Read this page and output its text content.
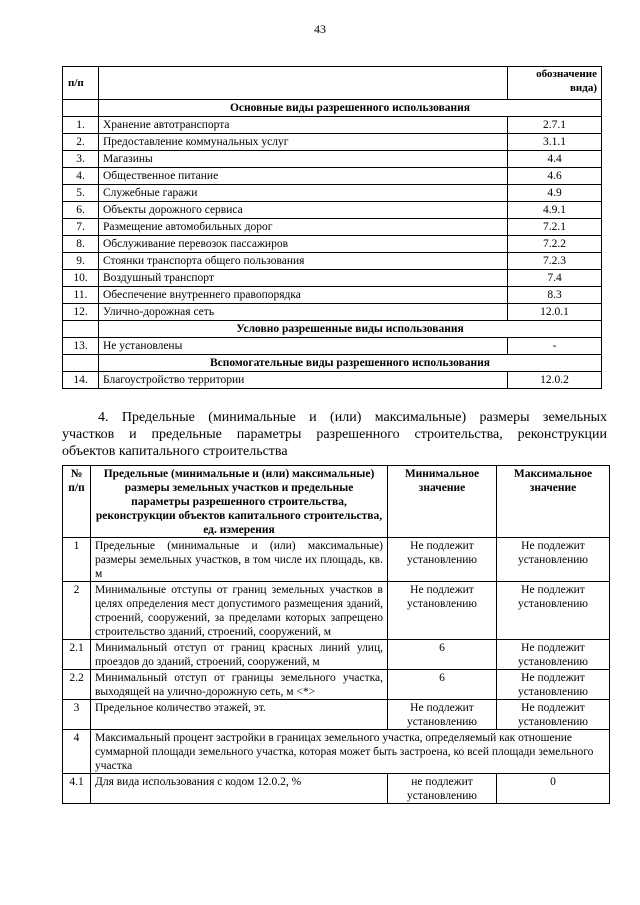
43
п/п		обозначение вида)
	Основные виды разрешенного использования	
1.	Хранение автотранспорта	2.7.1
2.	Предоставление коммунальных услуг	3.1.1
3.	Магазины	4.4
4.	Общественное питание	4.6
5.	Служебные гаражи	4.9
6.	Объекты дорожного сервиса	4.9.1
7.	Размещение автомобильных дорог	7.2.1
8.	Обслуживание перевозок пассажиров	7.2.2
9.	Стоянки транспорта общего пользования	7.2.3
10.	Воздушный транспорт	7.4
11.	Обеспечение внутреннего правопорядка	8.3
12.	Улично-дорожная сеть	12.0.1
	Условно разрешенные виды использования	
13.	Не установлены	-
	Вспомогательные виды разрешенного использования	
14.	Благоустройство территории	12.0.2
4. Предельные (минимальные и (или) максимальные) размеры земельных
участков и предельные параметры разрешенного строительства, реконструкции
объектов капитального строительства
№ п/п	Предельные (минимальные и (или) максимальные) размеры земельных участков и предельные параметры разрешенного строительства, реконструкции объектов капитального строительства, ед. измерения	Минимальное значение	Максимальное значение
1	Предельные (минимальные и (или) максимальные) размеры земельных участков, в том числе их площадь, кв. м	Не подлежит установлению	Не подлежит установлению
2	Минимальные отступы от границ земельных участков в целях определения мест допустимого размещения зданий, строений, сооружений, за пределами которых запрещено строительство зданий, строений, сооружений, м	Не подлежит установлению	Не подлежит установлению
2.1	Минимальный отступ от границ красных линий улиц, проездов до зданий, строений, сооружений, м	6	Не подлежит установлению
2.2	Минимальный отступ от границы земельного участка, выходящей на улично-дорожную сеть, м <*>	6	Не подлежит установлению
3	Предельное количество этажей, эт.	Не подлежит установлению	Не подлежит установлению
4	Максимальный процент застройки в границах земельного участка, определяемый как отношение суммарной площади земельного участка, которая может быть застроена, ко всей площади земельного участка		
4.1	Для вида использования с кодом 12.0.2, %	не подлежит установлению	0
